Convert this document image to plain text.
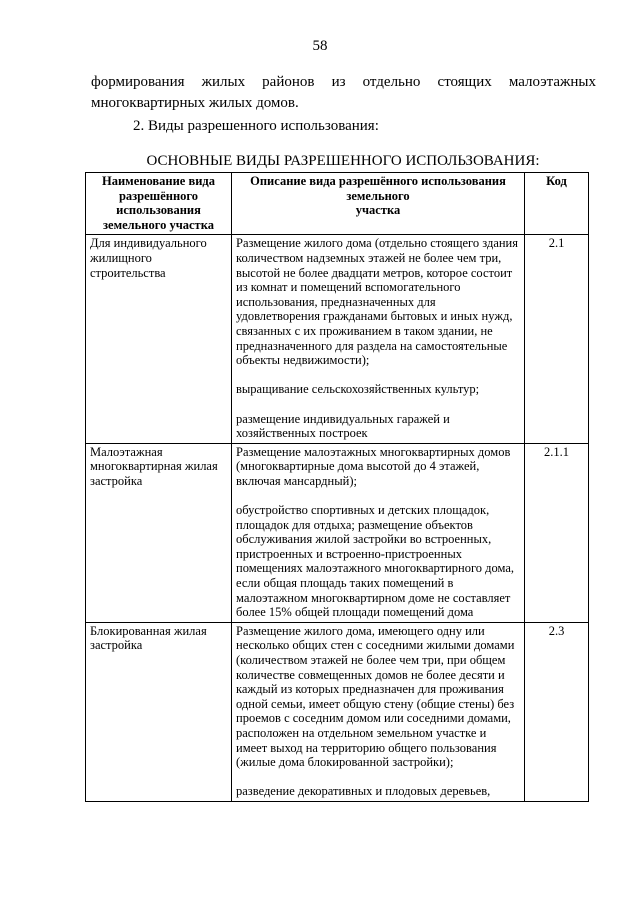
58
формирования жилых районов из отдельно стоящих малоэтажных
многоквартирных жилых домов.
2. Виды разрешенного использования:
ОСНОВНЫЕ ВИДЫ РАЗРЕШЕННОГО ИСПОЛЬЗОВАНИЯ:
Наименование вида разрешённого использования земельного участка	Описание вида разрешённого использования земельного
участка	Код
Для индивидуального жилищного строительства	Размещение жилого дома (отдельно стоящего здания количеством надземных этажей не более чем три, высотой не более двадцати метров, которое состоит из комнат и помещений вспомогательного использования, предназначенных для удовлетворения гражданами бытовых и иных нужд, связанных с их проживанием в таком здании, не предназначенного для раздела на самостоятельные объекты недвижимости);
выращивание сельскохозяйственных культур;
размещение индивидуальных гаражей и хозяйственных построек	2.1
Малоэтажная многоквартирная жилая застройка	Размещение малоэтажных многоквартирных домов (многоквартирные дома высотой до 4 этажей, включая мансардный);
обустройство спортивных и детских площадок, площадок для отдыха; размещение объектов обслуживания жилой застройки во встроенных, пристроенных и встроенно-пристроенных помещениях малоэтажного многоквартирного дома, если общая площадь таких помещений в малоэтажном многоквартирном доме не составляет более 15% общей площади помещений дома	2.1.1
Блокированная жилая застройка	Размещение жилого дома, имеющего одну или несколько общих стен с соседними жилыми домами (количеством этажей не более чем три, при общем количестве совмещенных домов не более десяти и каждый из которых предназначен для проживания одной семьи, имеет общую стену (общие стены) без проемов с соседним домом или соседними домами, расположен на отдельном земельном участке и имеет выход на территорию общего пользования (жилые дома блокированной застройки);
разведение декоративных и плодовых деревьев,	2.3
